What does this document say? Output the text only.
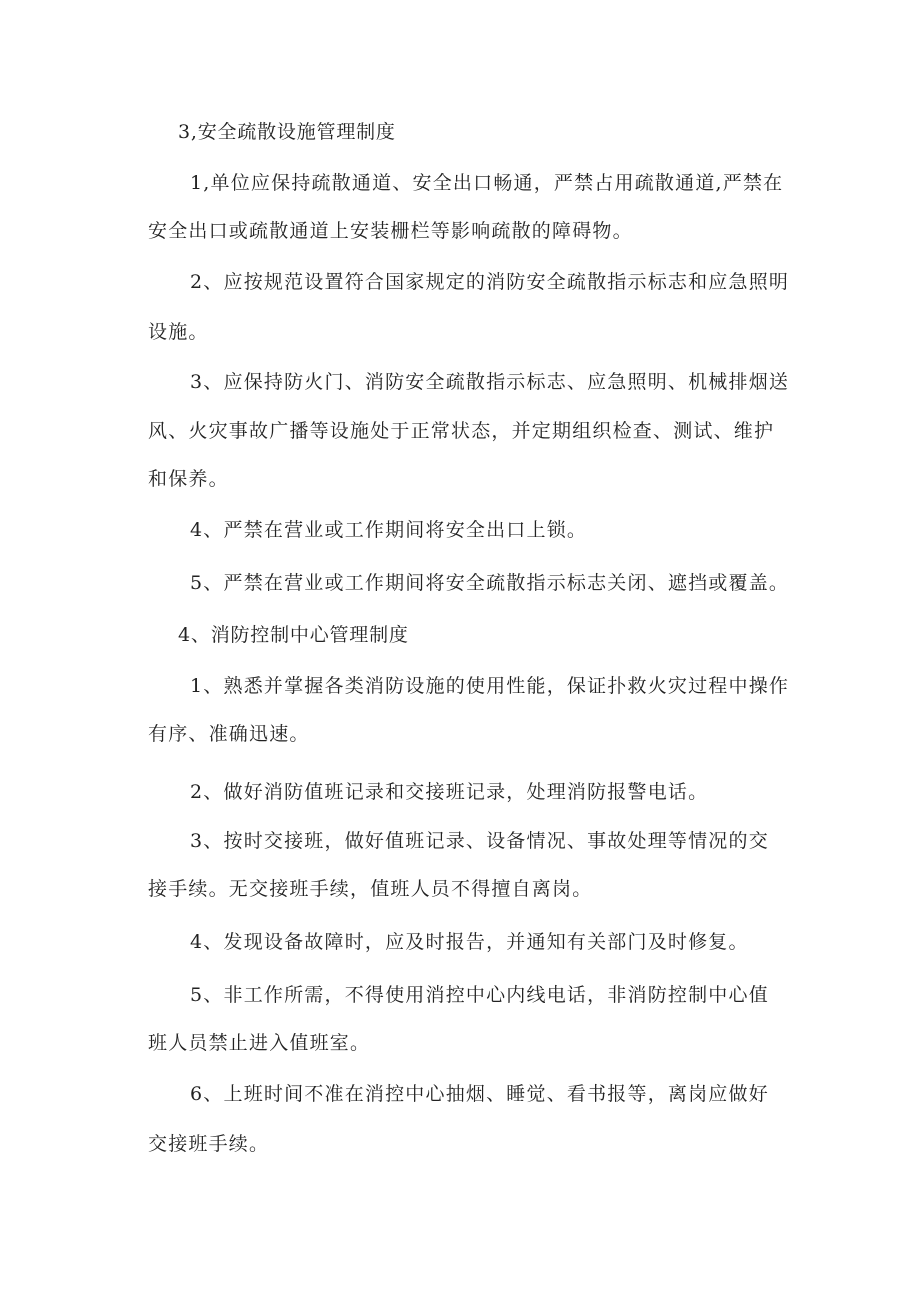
3,安全疏散设施管理制度
1,单位应保持疏散通道、安全出口畅通，严禁占用疏散通道,严禁在
安全出口或疏散通道上安装栅栏等影响疏散的障碍物。
2、应按规范设置符合国家规定的消防安全疏散指示标志和应急照明
设施。
3、应保持防火门、消防安全疏散指示标志、应急照明、机械排烟送
风、火灾事故广播等设施处于正常状态，并定期组织检查、测试、维护
和保养。
4、严禁在营业或工作期间将安全出口上锁。
5、严禁在营业或工作期间将安全疏散指示标志关闭、遮挡或覆盖。
4、消防控制中心管理制度
1、熟悉并掌握各类消防设施的使用性能，保证扑救火灾过程中操作
有序、准确迅速。
2、做好消防值班记录和交接班记录，处理消防报警电话。
3、按时交接班，做好值班记录、设备情况、事故处理等情况的交
接手续。无交接班手续，值班人员不得擅自离岗。
4、发现设备故障时，应及时报告，并通知有关部门及时修复。
5、非工作所需，不得使用消控中心内线电话，非消防控制中心值
班人员禁止进入值班室。
6、上班时间不准在消控中心抽烟、睡觉、看书报等，离岗应做好
交接班手续。
